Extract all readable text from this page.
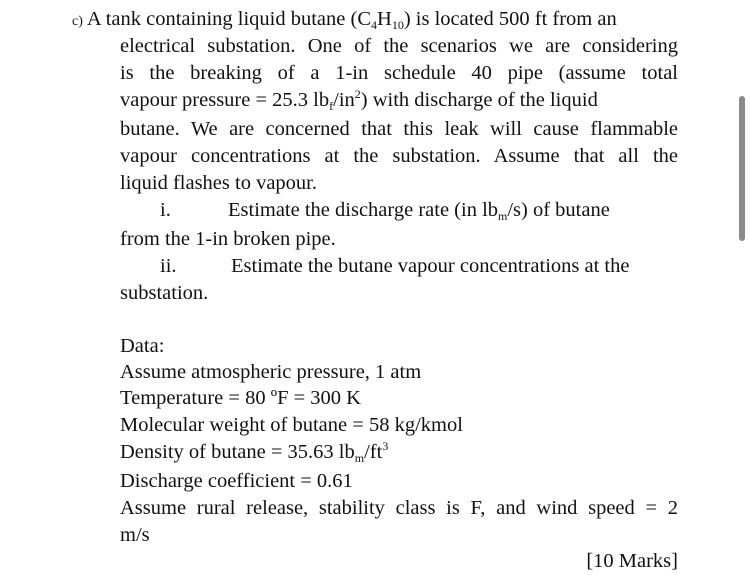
c) A tank containing liquid butane $(C_4H_{10})$ is located 500 ft from an
electrical substation. One of the scenarios we are considering
is the breaking of a 1-in schedule 40 pipe (assume total
vapour pressure = 25.3 $lb_f/in^2$) with discharge of the liquid
butane. We are concerned that this leak will cause flammable
vapour concentrations at the substation. Assume that all the
liquid flashes to vapour.
i.	Estimate the discharge rate (in $lb_m/s$) of butane
from the 1-in broken pipe.
ii.	Estimate the butane vapour concentrations at the
substation.
Data:
Assume atmospheric pressure, 1 atm
Temperature = 80 ºF = 300 K
Molecular weight of butane = 58 kg/kmol
Density of butane = 35.63 $lb_m/ft^3$
Discharge coefficient = 0.61
Assume rural release, stability class is F, and wind speed = 2
m/s
[10 Marks]
